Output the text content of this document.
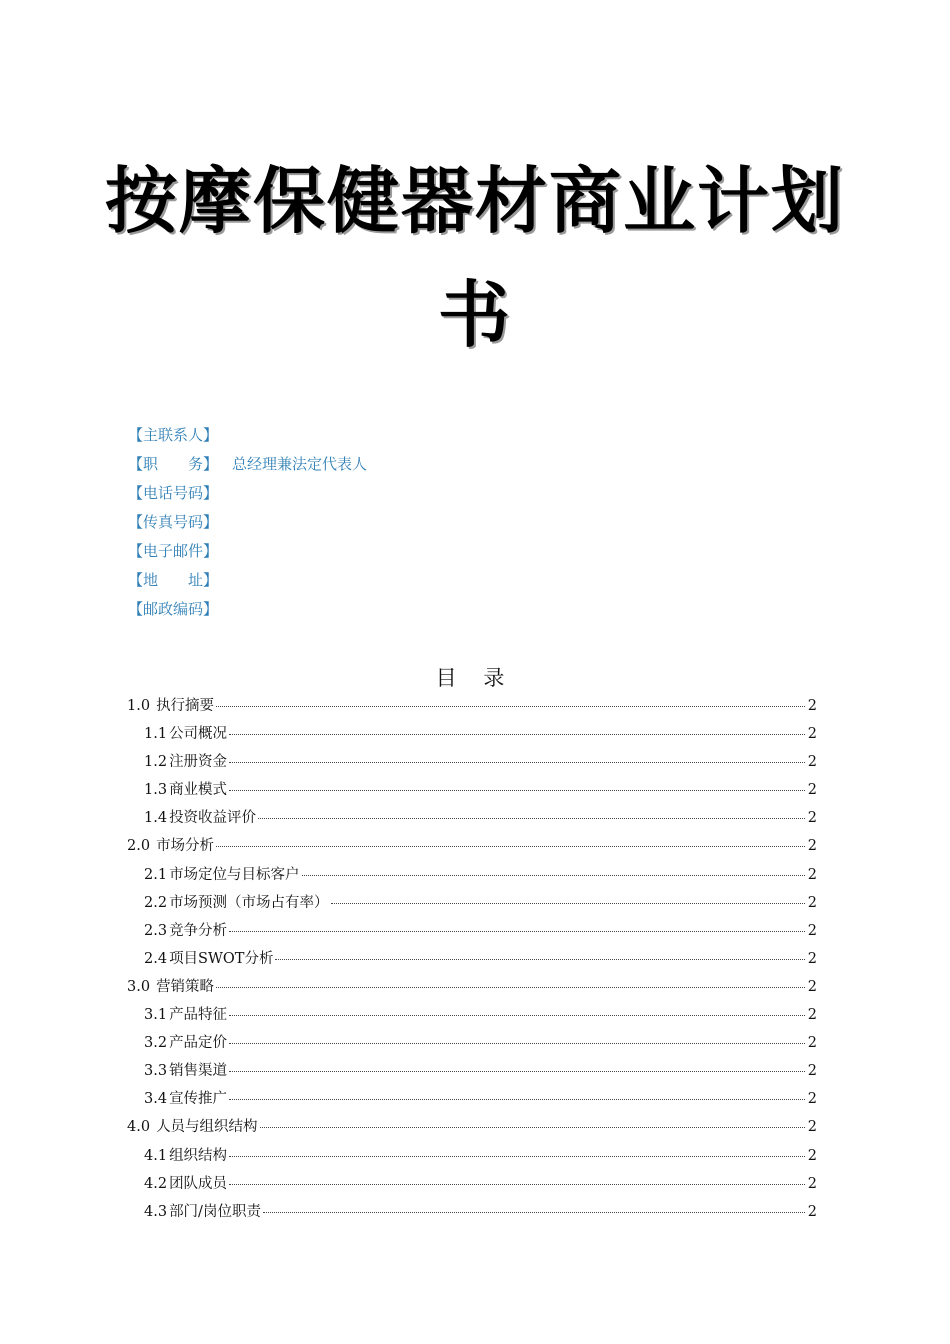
按摩保健器材商业计划
书
【主联系人】
【职　　务】 总经理兼法定代表人
【电话号码】
【传真号码】
【电子邮件】
【地　　址】
【邮政编码】
目 录
1.0 执行摘要	2
1.1 公司概况	2
1.2 注册资金	2
1.3 商业模式	2
1.4 投资收益评价	2
2.0 市场分析	2
2.1 市场定位与目标客户	2
2.2 市场预测（市场占有率）	2
2.3 竞争分析	2
2.4 项目SWOT分析	2
3.0 营销策略	2
3.1 产品特征	2
3.2 产品定价	2
3.3 销售渠道	2
3.4 宣传推广	2
4.0 人员与组织结构	2
4.1 组织结构	2
4.2 团队成员	2
4.3 部门/岗位职责	2
